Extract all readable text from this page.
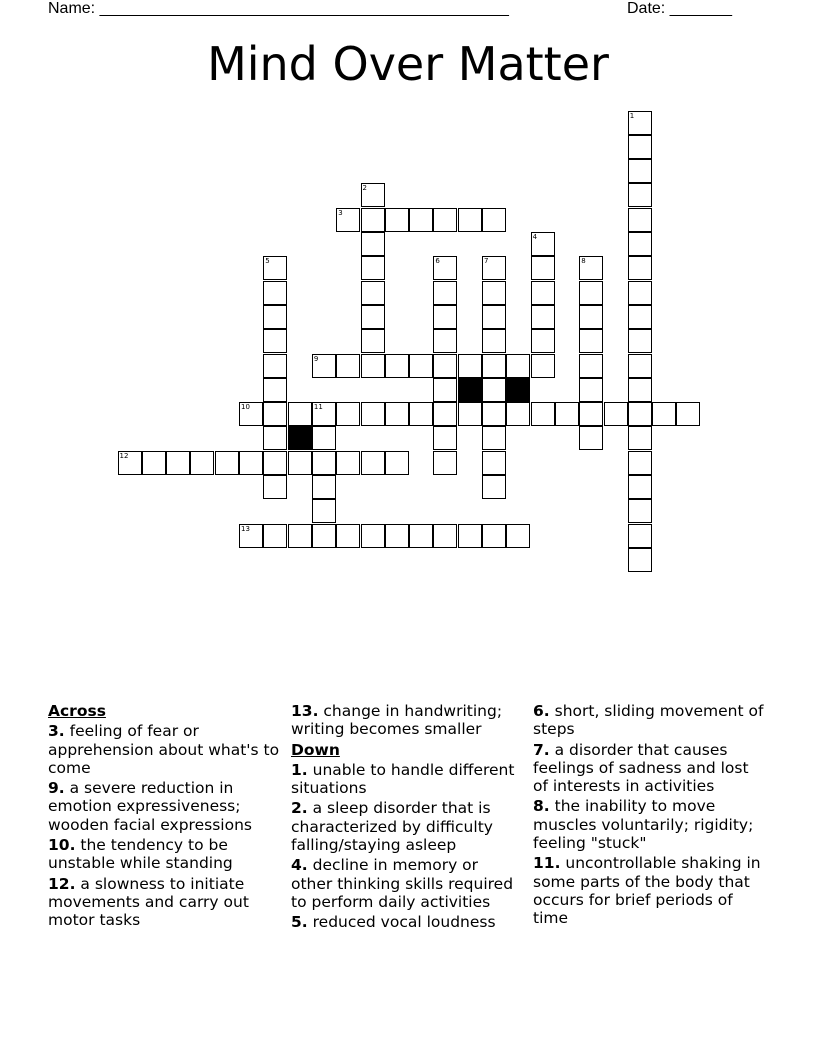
Name: ______________________________________________	Date: _______
Mind Over Matter
1
2
3
4
5	6	7	8
9
10	11
12
13
Across
3. feeling of fear or apprehension about what's to come
9. a severe reduction in emotion expressiveness; wooden facial expressions
10. the tendency to be unstable while standing
12. a slowness to initiate movements and carry out motor tasks
13. change in handwriting; writing becomes smaller
Down
1. unable to handle different situations
2. a sleep disorder that is characterized by difficulty falling/staying asleep
4. decline in memory or other thinking skills required to perform daily activities
5. reduced vocal loudness
6. short, sliding movement of steps
7. a disorder that causes feelings of sadness and lost of interests in activities
8. the inability to move muscles voluntarily; rigidity; feeling "stuck"
11. uncontrollable shaking in some parts of the body that occurs for brief periods of time
